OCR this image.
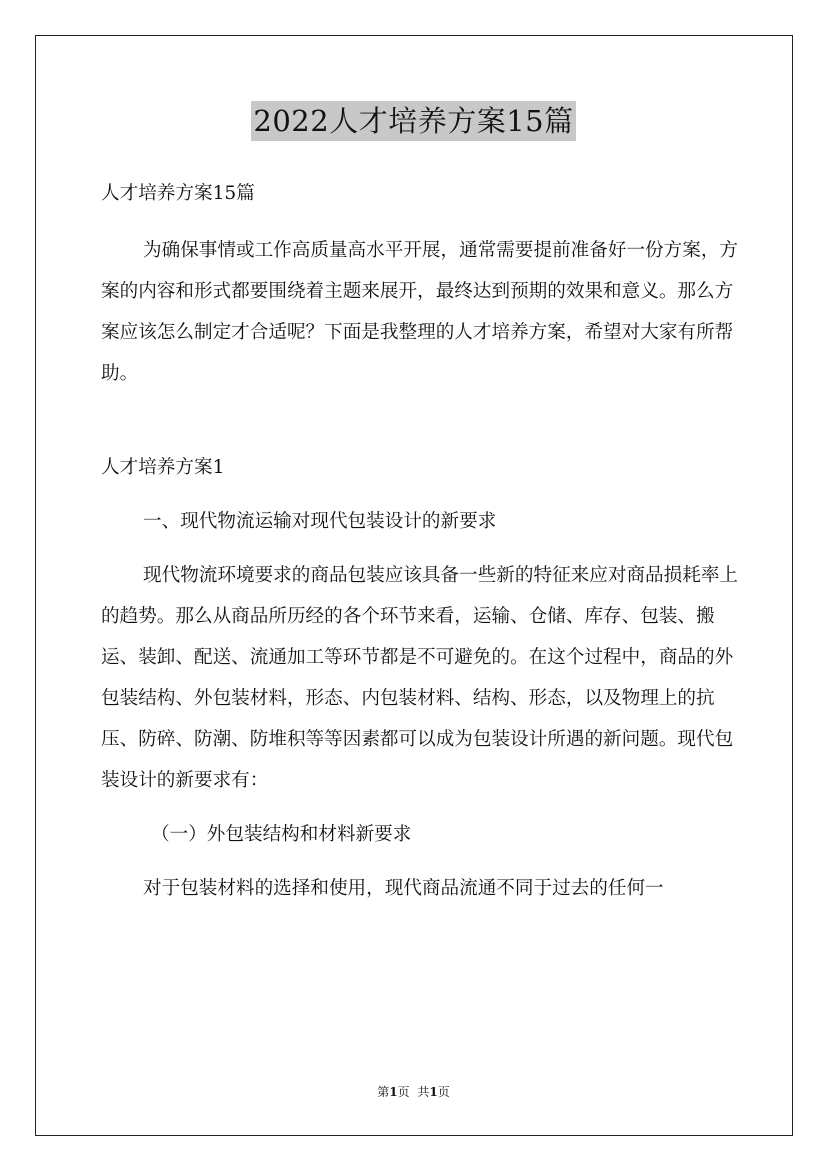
2022人才培养方案15篇

人才培养方案15篇

为确保事情或工作高质量高水平开展，通常需要提前准备好一份方案，方案的内容和形式都要围绕着主题来展开，最终达到预期的效果和意义。那么方案应该怎么制定才合适呢？下面是我整理的人才培养方案，希望对大家有所帮助。

人才培养方案1

一、现代物流运输对现代包装设计的新要求

现代物流环境要求的商品包装应该具备一些新的特征来应对商品损耗率上的趋势。那么从商品所历经的各个环节来看，运输、仓储、库存、包装、搬运、装卸、配送、流通加工等环节都是不可避免的。在这个过程中，商品的外包装结构、外包装材料，形态、内包装材料、结构、形态，以及物理上的抗压、防碎、防潮、防堆积等等因素都可以成为包装设计所遇的新问题。现代包装设计的新要求有：

（一）外包装结构和材料新要求

对于包装材料的选择和使用，现代商品流通不同于过去的任何一

第1页 共1页
